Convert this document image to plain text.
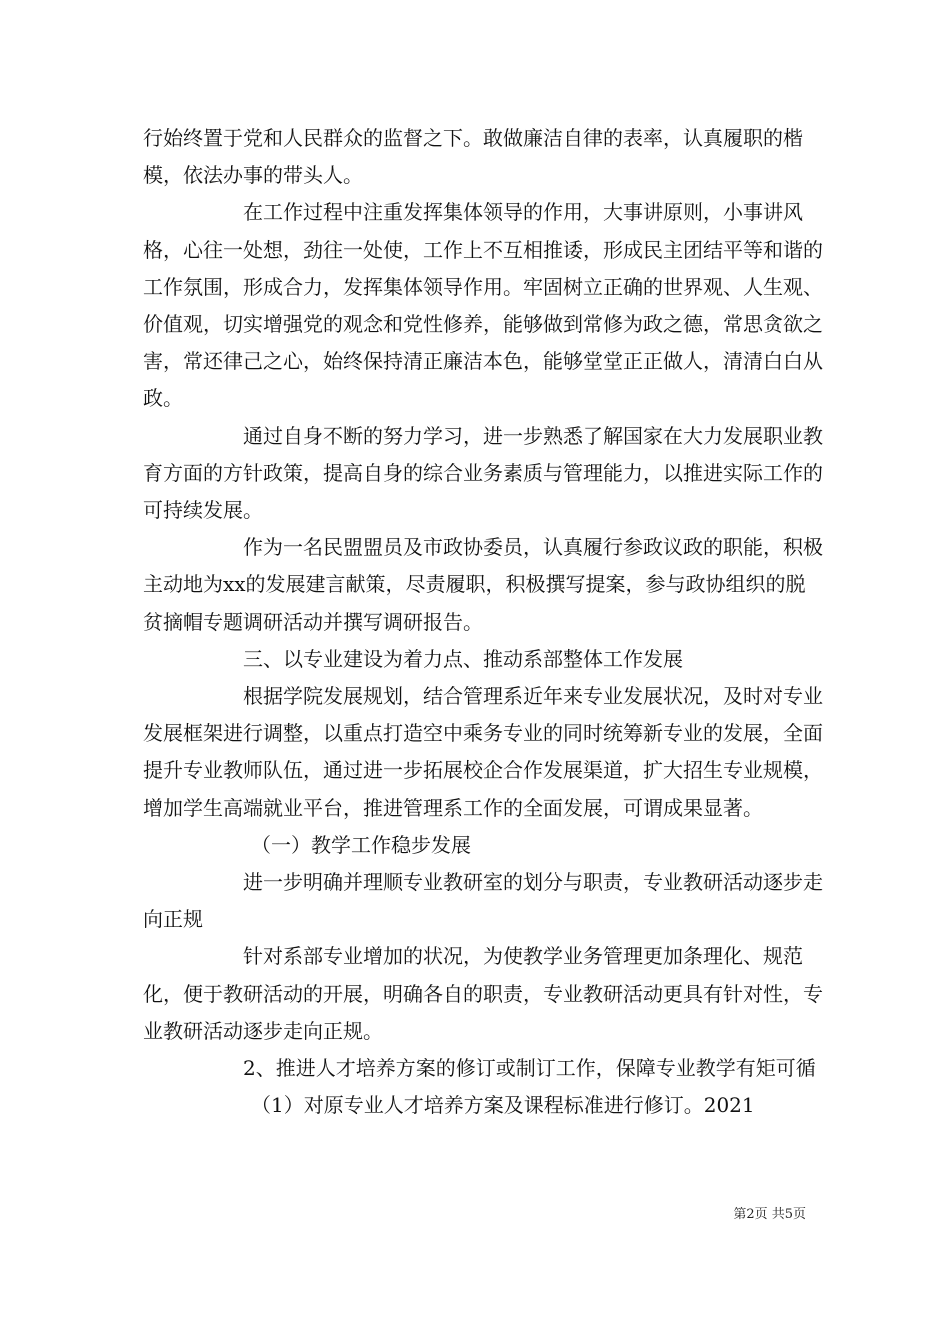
行始终置于党和人民群众的监督之下。敢做廉洁自律的表率，认真履职的楷模，依法办事的带头人。

在工作过程中注重发挥集体领导的作用，大事讲原则，小事讲风格，心往一处想，劲往一处使，工作上不互相推诿，形成民主团结平等和谐的工作氛围，形成合力，发挥集体领导作用。牢固树立正确的世界观、人生观、价值观，切实增强党的观念和党性修养，能够做到常修为政之德，常思贪欲之害，常还律己之心，始终保持清正廉洁本色，能够堂堂正正做人，清清白白从政。

通过自身不断的努力学习，进一步熟悉了解国家在大力发展职业教育方面的方针政策，提高自身的综合业务素质与管理能力，以推进实际工作的可持续发展。

作为一名民盟盟员及市政协委员，认真履行参政议政的职能，积极主动地为xx的发展建言献策，尽责履职，积极撰写提案，参与政协组织的脱贫摘帽专题调研活动并撰写调研报告。

三、以专业建设为着力点、推动系部整体工作发展

根据学院发展规划，结合管理系近年来专业发展状况，及时对专业发展框架进行调整，以重点打造空中乘务专业的同时统筹新专业的发展，全面提升专业教师队伍，通过进一步拓展校企合作发展渠道，扩大招生专业规模，增加学生高端就业平台，推进管理系工作的全面发展，可谓成果显著。

（一）教学工作稳步发展

进一步明确并理顺专业教研室的划分与职责，专业教研活动逐步走向正规

针对系部专业增加的状况，为使教学业务管理更加条理化、规范化，便于教研活动的开展，明确各自的职责，专业教研活动更具有针对性，专业教研活动逐步走向正规。

2、推进人才培养方案的修订或制订工作，保障专业教学有矩可循

（1）对原专业人才培养方案及课程标准进行修订。2021

第2页 共5页
